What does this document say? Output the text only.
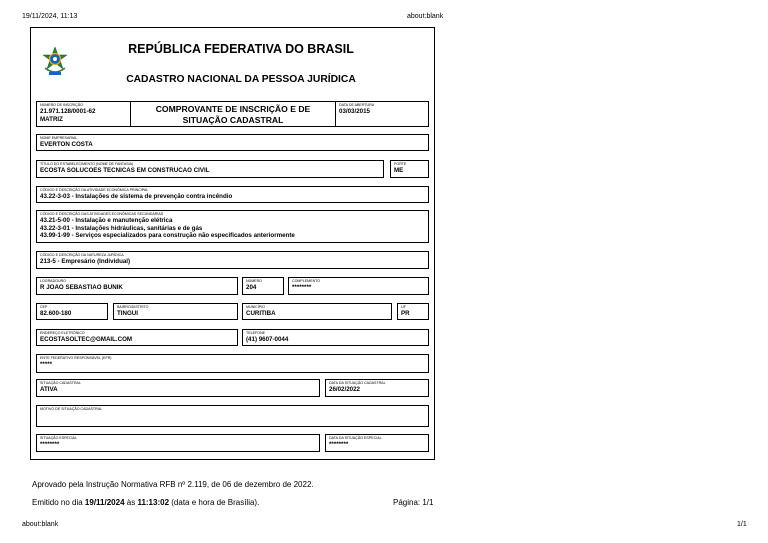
19/11/2024, 11:13	about:blank
REPÚBLICA FEDERATIVA DO BRASIL
CADASTRO NACIONAL DA PESSOA JURÍDICA
NÚMERO DE INSCRIÇÃO
21.971.128/0001-62
MATRIZ
COMPROVANTE DE INSCRIÇÃO E DE SITUAÇÃO CADASTRAL
DATA DE ABERTURA
03/03/2015
NOME EMPRESARIAL
EVERTON COSTA
TÍTULO DO ESTABELECIMENTO (NOME DE FANTASIA)
ECOSTA SOLUCOES TECNICAS EM CONSTRUCAO CIVIL
PORTE
ME
CÓDIGO E DESCRIÇÃO DA ATIVIDADE ECONÔMICA PRINCIPAL
43.22-3-03 - Instalações de sistema de prevenção contra incêndio
CÓDIGO E DESCRIÇÃO DAS ATIVIDADES ECONÔMICAS SECUNDÁRIAS
43.21-5-00 - Instalação e manutenção elétrica
43.22-3-01 - Instalações hidráulicas, sanitárias e de gás
43.99-1-99 - Serviços especializados para construção não especificados anteriormente
CÓDIGO E DESCRIÇÃO DA NATUREZA JURÍDICA
213-5 - Empresário (Individual)
LOGRADOURO
R JOAO SEBASTIAO BUNIK
NÚMERO
204
COMPLEMENTO
********
CEP
82.600-180
BAIRRO/DISTRITO
TINGUI
MUNICÍPIO
CURITIBA
UF
PR
ENDEREÇO ELETRÔNICO
ECOSTASOLTEC@GMAIL.COM
TELEFONE
(41) 9607-0044
ENTE FEDERATIVO RESPONSÁVEL (EFR)
*****
SITUAÇÃO CADASTRAL
ATIVA
DATA DA SITUAÇÃO CADASTRAL
26/02/2022
MOTIVO DE SITUAÇÃO CADASTRAL
SITUAÇÃO ESPECIAL
********
DATA DA SITUAÇÃO ESPECIAL
********
Aprovado pela Instrução Normativa RFB nº 2.119, de 06 de dezembro de 2022.
Emitido no dia 19/11/2024 às 11:13:02 (data e hora de Brasília).	Página: 1/1
about:blank	1/1
